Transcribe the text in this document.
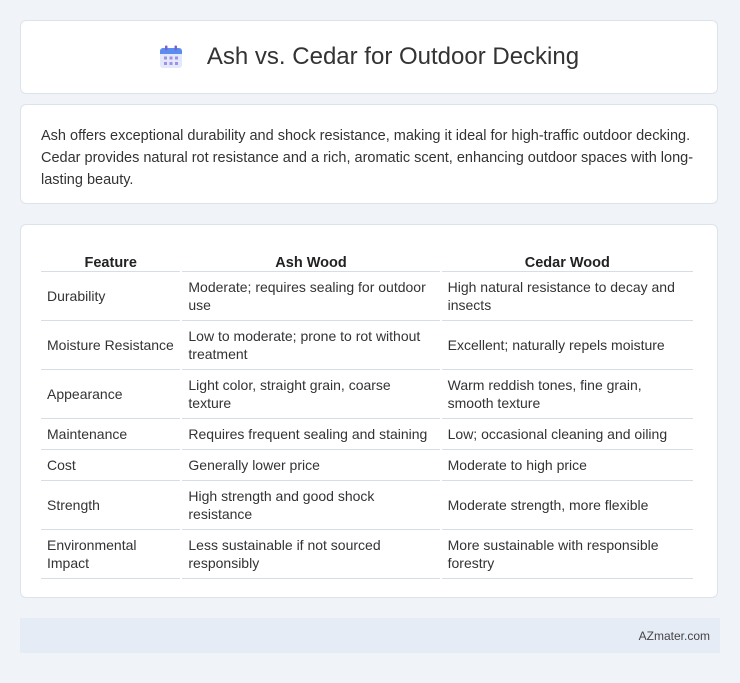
Ash vs. Cedar for Outdoor Decking

Ash offers exceptional durability and shock resistance, making it ideal for high-traffic outdoor decking. Cedar provides natural rot resistance and a rich, aromatic scent, enhancing outdoor spaces with long-lasting beauty.

Feature	Ash Wood	Cedar Wood
Durability	Moderate; requires sealing for outdoor use	High natural resistance to decay and insects
Moisture Resistance	Low to moderate; prone to rot without treatment	Excellent; naturally repels moisture
Appearance	Light color, straight grain, coarse texture	Warm reddish tones, fine grain, smooth texture
Maintenance	Requires frequent sealing and staining	Low; occasional cleaning and oiling
Cost	Generally lower price	Moderate to high price
Strength	High strength and good shock resistance	Moderate strength, more flexible
Environmental Impact	Less sustainable if not sourced responsibly	More sustainable with responsible forestry
AZmater.com
